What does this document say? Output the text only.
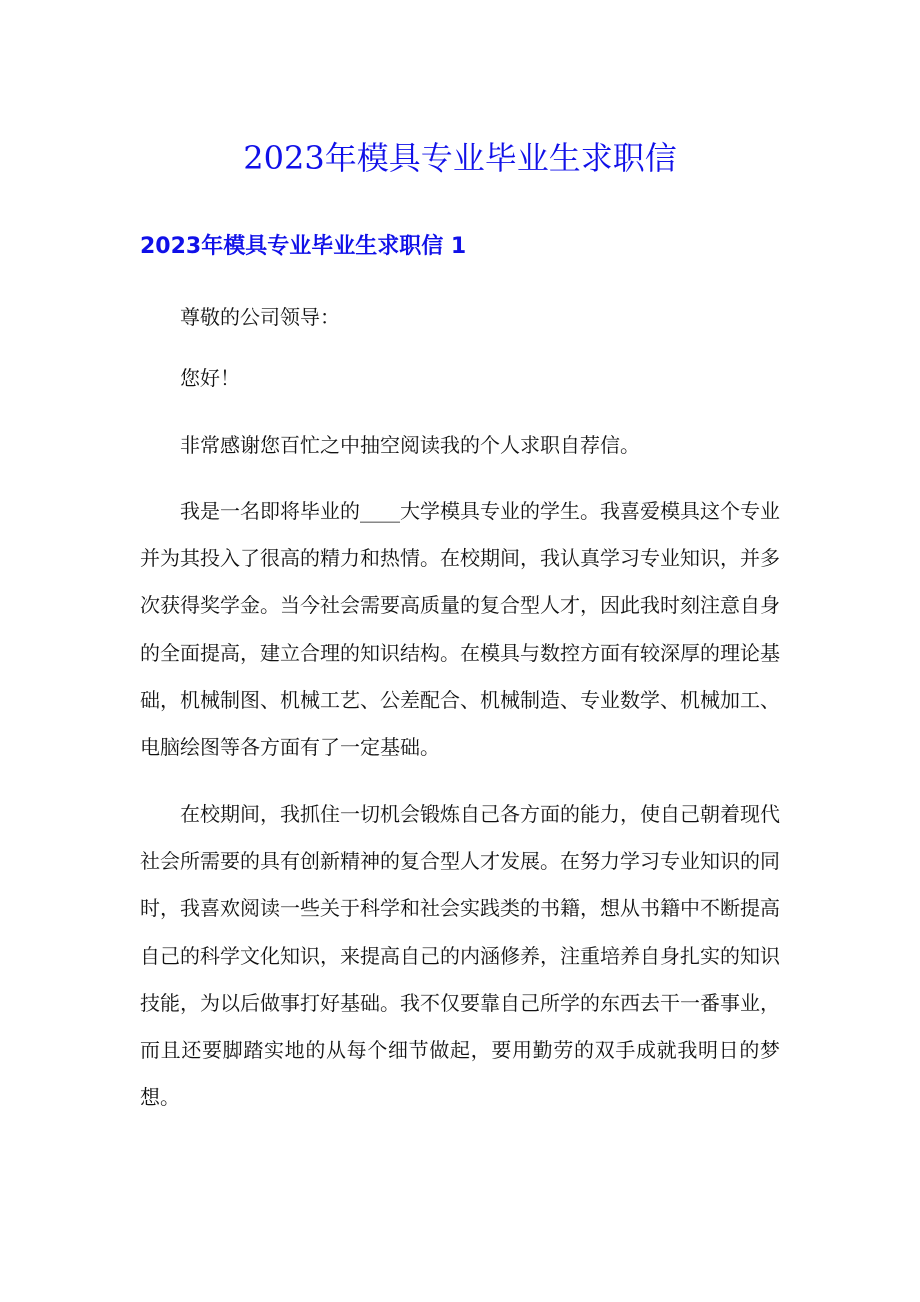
2023年模具专业毕业生求职信
2023年模具专业毕业生求职信 1

尊敬的公司领导：

您好！

非常感谢您百忙之中抽空阅读我的个人求职自荐信。

我是一名即将毕业的____大学模具专业的学生。我喜爱模具这个专业并为其投入了很高的精力和热情。在校期间，我认真学习专业知识，并多次获得奖学金。当今社会需要高质量的复合型人才，因此我时刻注意自身的全面提高，建立合理的知识结构。在模具与数控方面有较深厚的理论基础，机械制图、机械工艺、公差配合、机械制造、专业数学、机械加工、电脑绘图等各方面有了一定基础。

在校期间，我抓住一切机会锻炼自己各方面的能力，使自己朝着现代社会所需要的具有创新精神的复合型人才发展。在努力学习专业知识的同时，我喜欢阅读一些关于科学和社会实践类的书籍，想从书籍中不断提高自己的科学文化知识，来提高自己的内涵修养，注重培养自身扎实的知识技能，为以后做事打好基础。我不仅要靠自己所学的东西去干一番事业，而且还要脚踏实地的从每个细节做起，要用勤劳的双手成就我明日的梦想。
